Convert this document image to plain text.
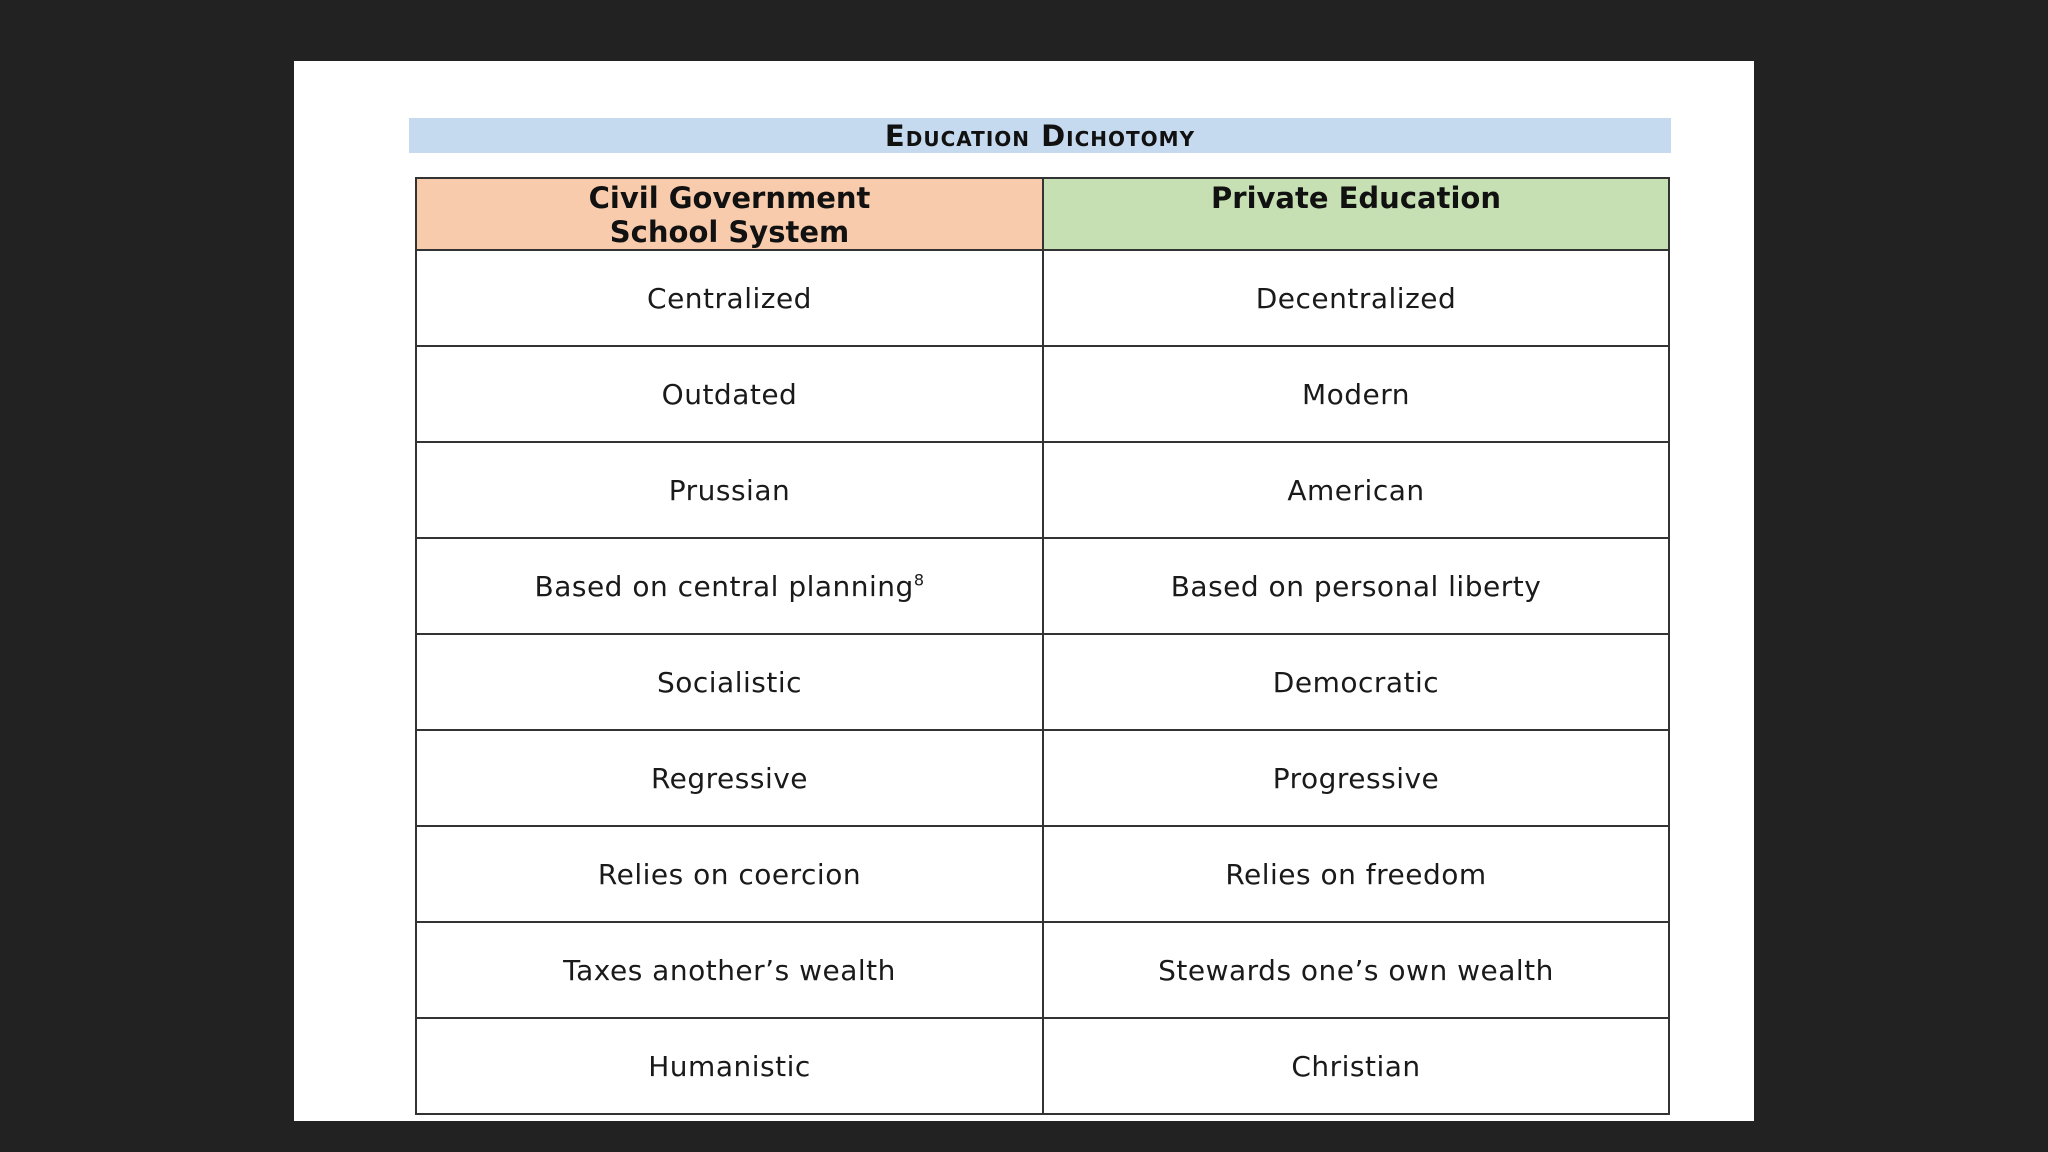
Education Dichotomy
Civil Government
School System	Private Education
Centralized	Decentralized
Outdated	Modern
Prussian	American
Based on central planning$^8$	Based on personal liberty
Socialistic	Democratic
Regressive	Progressive
Relies on coercion	Relies on freedom
Taxes another’s wealth	Stewards one’s own wealth
Humanistic	Christian
